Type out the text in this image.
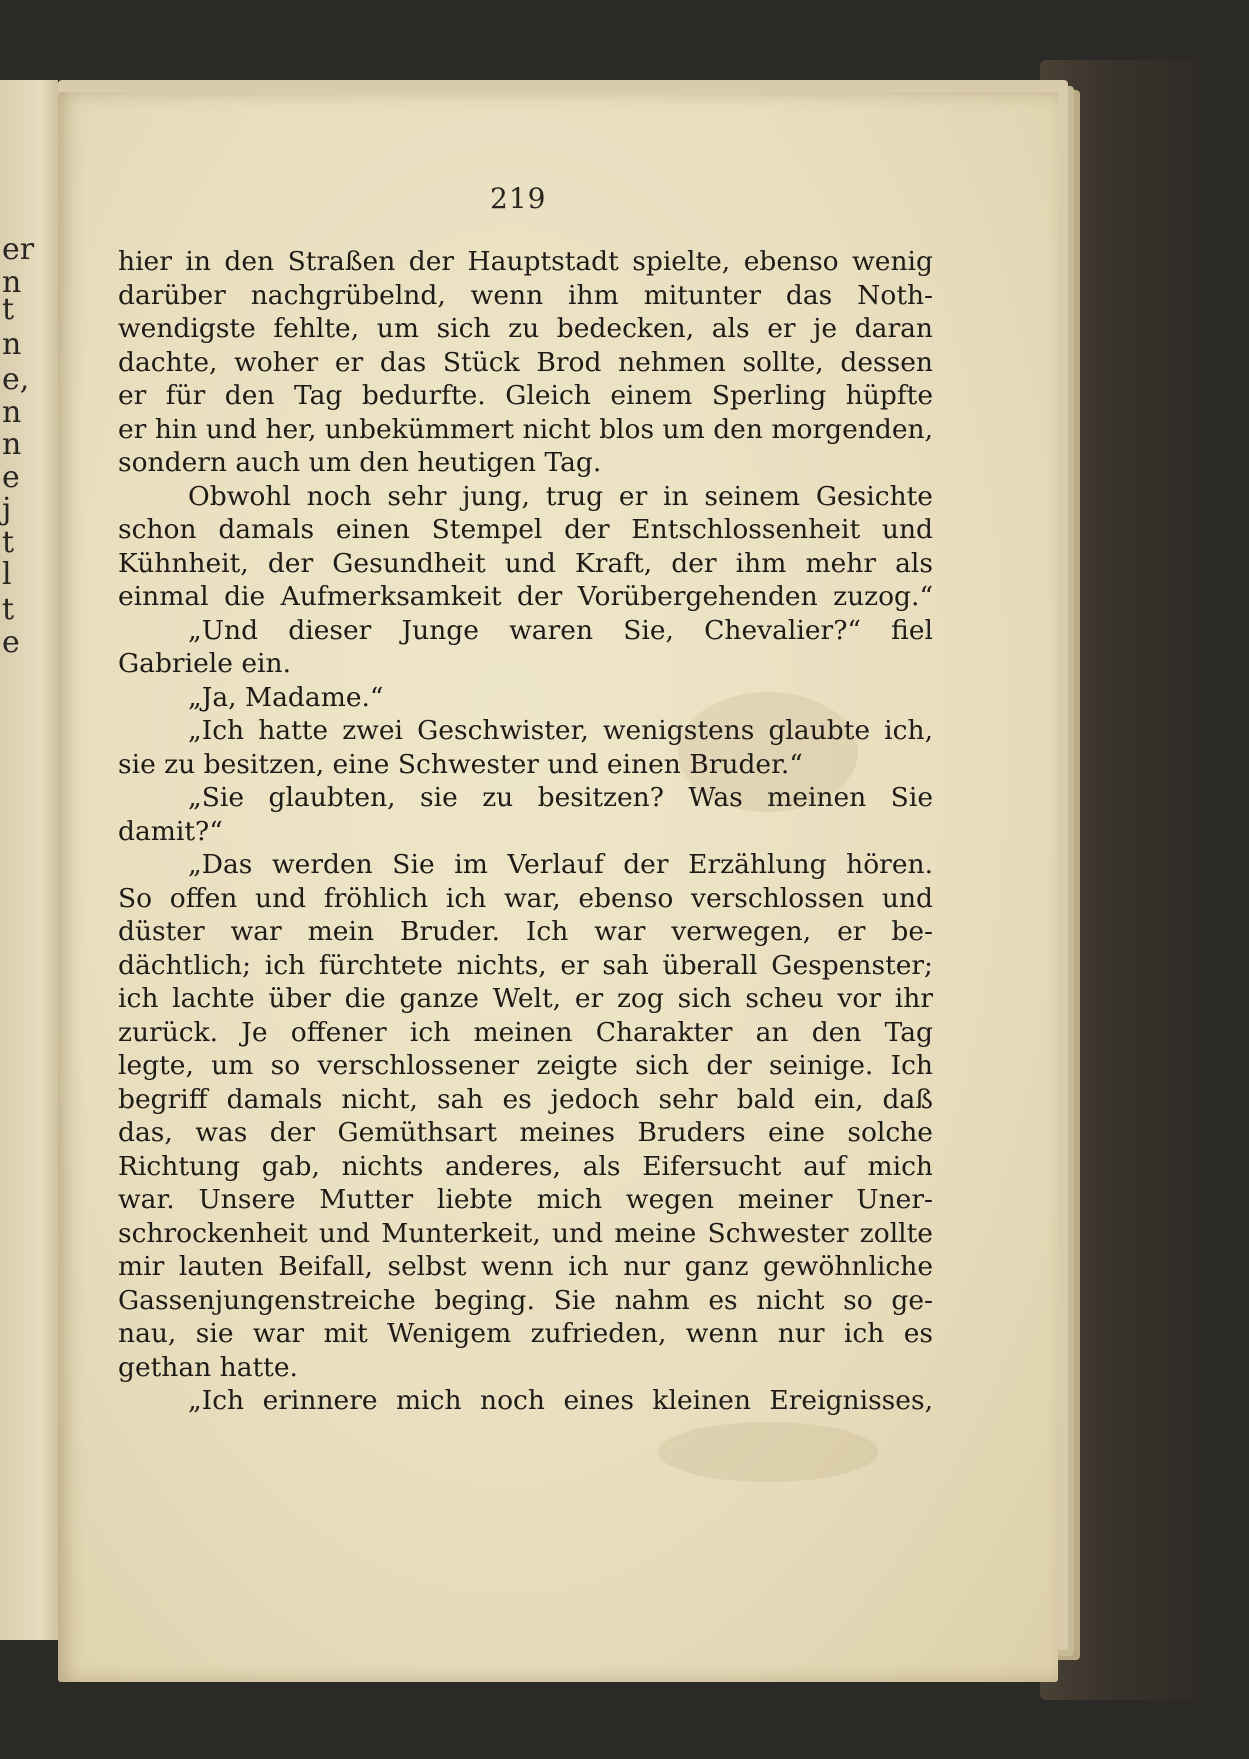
er
n
t
n
e,
n
n
e
j
t
l
t
e
219
hier in den Straßen der Hauptstadt spielte, ebenso wenig
darüber nachgrübelnd, wenn ihm mitunter das Noth-
wendigste fehlte, um sich zu bedecken, als er je daran
dachte, woher er das Stück Brod nehmen sollte, dessen
er für den Tag bedurfte. Gleich einem Sperling hüpfte
er hin und her, unbekümmert nicht blos um den morgenden,
sondern auch um den heutigen Tag.
Obwohl noch sehr jung, trug er in seinem Gesichte
schon damals einen Stempel der Entschlossenheit und
Kühnheit, der Gesundheit und Kraft, der ihm mehr als
einmal die Aufmerksamkeit der Vorübergehenden zuzog.“
„Und dieser Junge waren Sie, Chevalier?“ fiel
Gabriele ein.
„Ja, Madame.“
„Ich hatte zwei Geschwister, wenigstens glaubte ich,
sie zu besitzen, eine Schwester und einen Bruder.“
„Sie glaubten, sie zu besitzen? Was meinen Sie
damit?“
„Das werden Sie im Verlauf der Erzählung hören.
So offen und fröhlich ich war, ebenso verschlossen und
düster war mein Bruder. Ich war verwegen, er be-
dächtlich; ich fürchtete nichts, er sah überall Gespenster;
ich lachte über die ganze Welt, er zog sich scheu vor ihr
zurück. Je offener ich meinen Charakter an den Tag
legte, um so verschlossener zeigte sich der seinige. Ich
begriff damals nicht, sah es jedoch sehr bald ein, daß
das, was der Gemüthsart meines Bruders eine solche
Richtung gab, nichts anderes, als Eifersucht auf mich
war. Unsere Mutter liebte mich wegen meiner Uner-
schrockenheit und Munterkeit, und meine Schwester zollte
mir lauten Beifall, selbst wenn ich nur ganz gewöhnliche
Gassenjungenstreiche beging. Sie nahm es nicht so ge-
nau, sie war mit Wenigem zufrieden, wenn nur ich es
gethan hatte.
„Ich erinnere mich noch eines kleinen Ereignisses,
